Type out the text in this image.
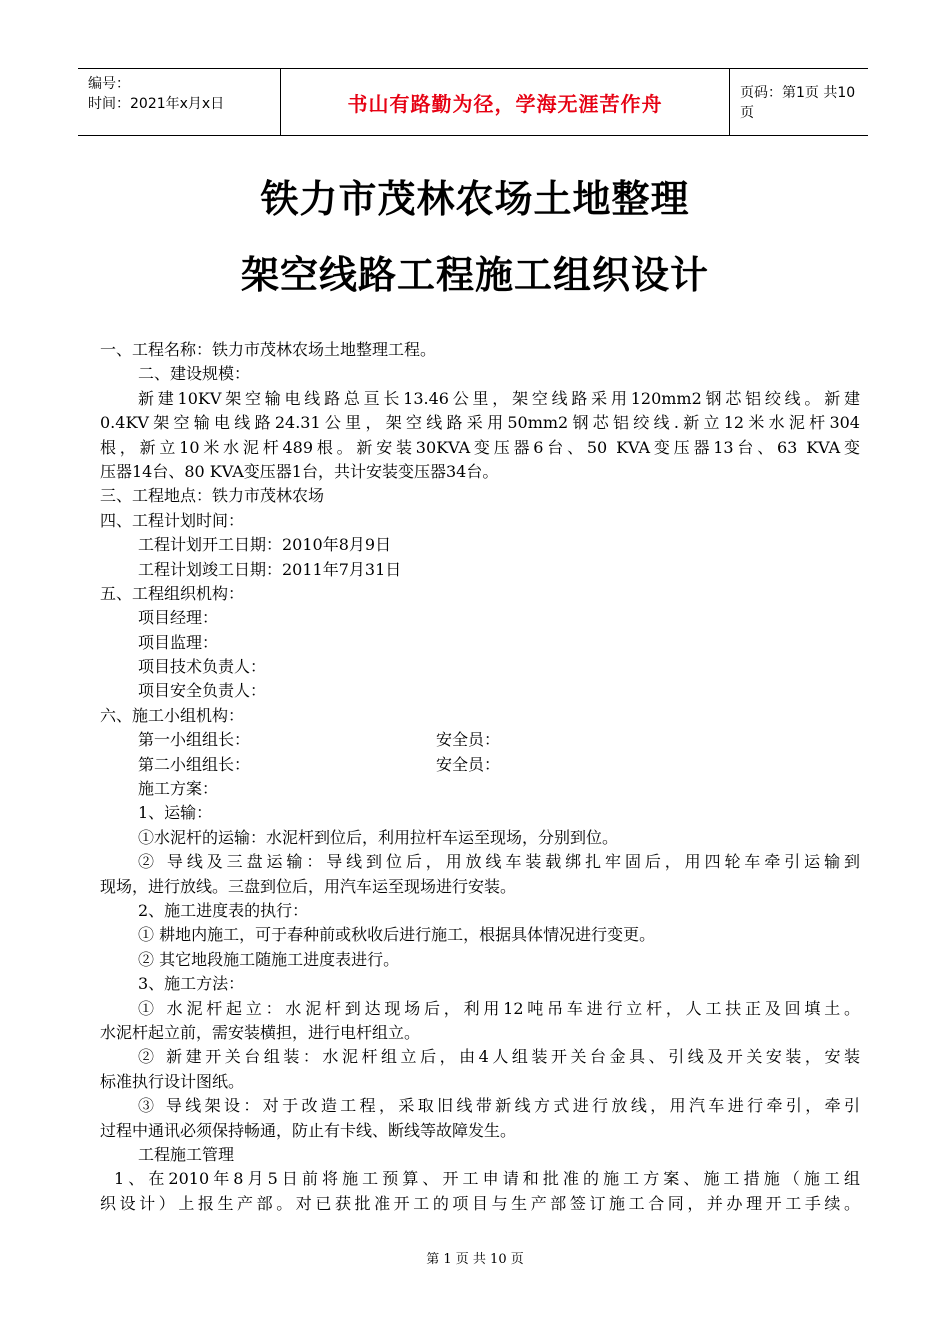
编号：
时间：2021年x月x日	书山有路勤为径，学海无涯苦作舟	页码：第1页 共10页
铁力市茂林农场土地整理
架空线路工程施工组织设计
一、工程名称：铁力市茂林农场土地整理工程。
二、建设规模：
新建10KV架空输电线路总亘长13.46公里，架空线路采用120mm2钢芯铝绞线。新建
0.4KV架空输电线路24.31公里，架空线路采用50mm2钢芯铝绞线.新立12米水泥杆304
根，新立10米水泥杆489根。新安装30KVA变压器6台、50 KVA变压器13台、63 KVA变
压器14台、80 KVA变压器1台，共计安装变压器34台。
三、工程地点：铁力市茂林农场
四、工程计划时间：
工程计划开工日期：2010年8月9日
工程计划竣工日期：2011年7月31日
五、工程组织机构：
项目经理：
项目监理：
项目技术负责人：
项目安全负责人：
六、施工小组机构：
第一小组组长：	安全员：
第二小组组长：	安全员：
施工方案：
1、运输：
①水泥杆的运输：水泥杆到位后，利用拉杆车运至现场，分别到位。
② 导线及三盘运输：导线到位后，用放线车装载绑扎牢固后，用四轮车牵引运输到
现场，进行放线。三盘到位后，用汽车运至现场进行安装。
2、施工进度表的执行：
① 耕地内施工，可于春种前或秋收后进行施工，根据具体情况进行变更。
② 其它地段施工随施工进度表进行。
3、施工方法：
① 水泥杆起立：水泥杆到达现场后，利用12吨吊车进行立杆，人工扶正及回填土。
水泥杆起立前，需安装横担，进行电杆组立。
② 新建开关台组装：水泥杆组立后，由4人组装开关台金具、引线及开关安装，安装
标准执行设计图纸。
③ 导线架设：对于改造工程，采取旧线带新线方式进行放线，用汽车进行牵引，牵引
过程中通讯必须保持畅通，防止有卡线、断线等故障发生。
工程施工管理
1、在2010年8月5日前将施工预算、开工申请和批准的施工方案、施工措施（施工组
织设计）上报生产部。对已获批准开工的项目与生产部签订施工合同，并办理开工手续。
第 1 页 共 10 页
